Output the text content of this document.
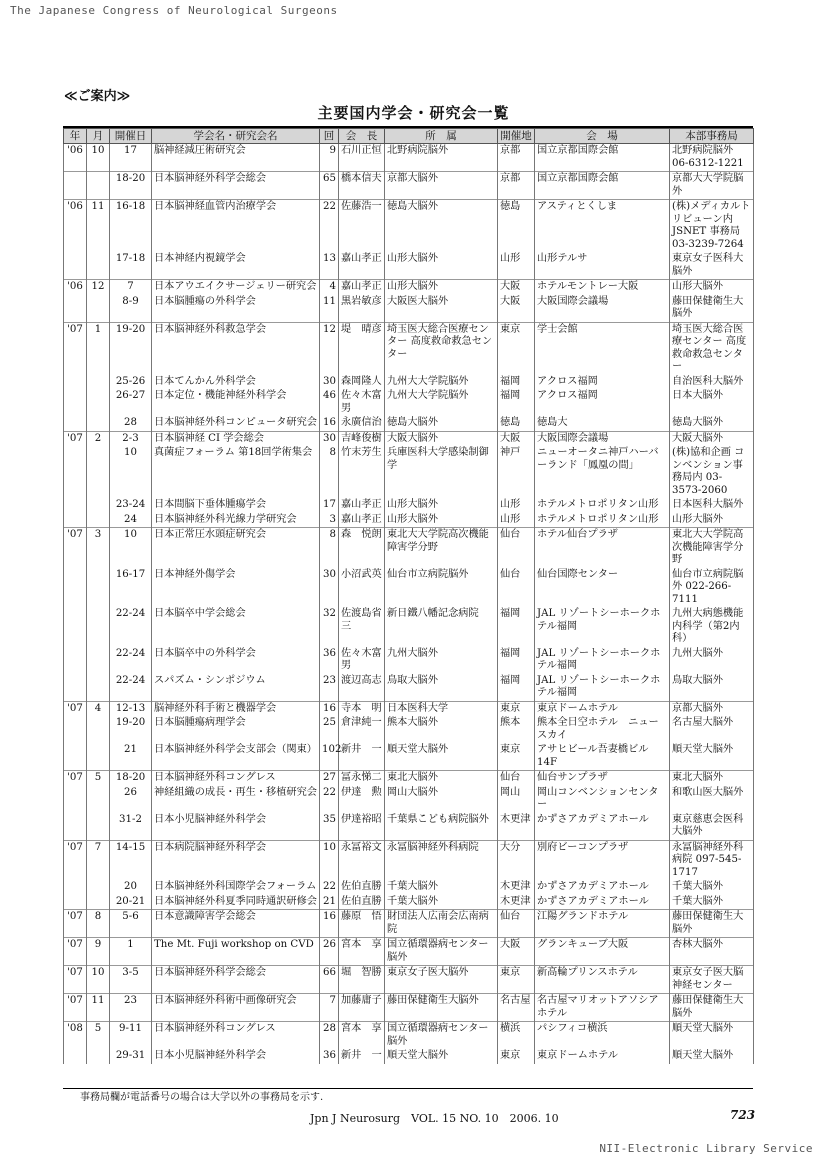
The Japanese Congress of Neurological Surgeons
≪ご案内≫
主要国内学会・研究会一覧
年	月	開催日	学会名・研究会名	回	会　長	所　属	開催地	会　場	本部事務局
'06	10	17	脳神経減圧術研究会	9	石川正恒	北野病院脳外	京都	国立京都国際会館	北野病院脳外 06-6312-1221
		18-20	日本脳神経外科学会総会	65	橋本信夫	京都大脳外	京都	国立京都国際会館	京都大大学院脳外
'06	11	16-18	日本脳神経血管内治療学会	22	佐藤浩一	徳島大脳外	徳島	アスティとくしま	(株)メディカルトリビューン内 JSNET 事務局 03-3239-7264
		17-18	日本神経内視鏡学会	13	嘉山孝正	山形大脳外	山形	山形テルサ	東京女子医科大脳外
'06	12	7	日本アウエイクサージェリー研究会	4	嘉山孝正	山形大脳外	大阪	ホテルモントレー大阪	山形大脳外
		8-9	日本脳腫瘍の外科学会	11	黒岩敏彦	大阪医大脳外	大阪	大阪国際会議場	藤田保健衛生大脳外
'07	1	19-20	日本脳神経外科救急学会	12	堤　晴彦	埼玉医大総合医療センター 高度救命救急センター	東京	学士会館	埼玉医大総合医療センター 高度救命救急センター
		25-26	日本てんかん外科学会	30	森岡隆人	九州大大学院脳外	福岡	アクロス福岡	自治医科大脳外
		26-27	日本定位・機能神経外科学会	46	佐々木富男	九州大大学院脳外	福岡	アクロス福岡	日本大脳外
		28	日本脳神経外科コンピュータ研究会	16	永廣信治	徳島大脳外	徳島	徳島大	徳島大脳外
'07	2	2-3	日本脳神経 CI 学会総会	30	吉峰俊樹	大阪大脳外	大阪	大阪国際会議場	大阪大脳外
		10	真菌症フォーラム 第18回学術集会	8	竹末芳生	兵庫医科大学感染制御学	神戸	ニューオータニ神戸ハーバーランド「鳳凰の間」	(株)協和企画 コンベンション事務局内 03-3573-2060
		23-24	日本間脳下垂体腫瘍学会	17	嘉山孝正	山形大脳外	山形	ホテルメトロポリタン山形	日本医科大脳外
		24	日本脳神経外科光線力学研究会	3	嘉山孝正	山形大脳外	山形	ホテルメトロポリタン山形	山形大脳外
'07	3	10	日本正常圧水頭症研究会	8	森　悦朗	東北大大学院高次機能障害学分野	仙台	ホテル仙台プラザ	東北大大学院高次機能障害学分野
		16-17	日本神経外傷学会	30	小沼武英	仙台市立病院脳外	仙台	仙台国際センター	仙台市立病院脳外 022-266-7111
		22-24	日本脳卒中学会総会	32	佐渡島省三	新日鐵八幡記念病院	福岡	JAL リゾートシーホークホテル福岡	九州大病態機能内科学（第2内科）
		22-24	日本脳卒中の外科学会	36	佐々木富男	九州大脳外	福岡	JAL リゾートシーホークホテル福岡	九州大脳外
		22-24	スパズム・シンポジウム	23	渡辺高志	鳥取大脳外	福岡	JAL リゾートシーホークホテル福岡	鳥取大脳外
'07	4	12-13	脳神経外科手術と機器学会	16	寺本　明	日本医科大学	東京	東京ドームホテル	京都大脳外
		19-20	日本脳腫瘍病理学会	25	倉津純一	熊本大脳外	熊本	熊本全日空ホテル　ニュースカイ	名古屋大脳外
		21	日本脳神経外科学会支部会（関東）	102	新井　一	順天堂大脳外	東京	アサヒビール吾妻橋ビル 14F	順天堂大脳外
'07	5	18-20	日本脳神経外科コングレス	27	冨永悌二	東北大脳外	仙台	仙台サンプラザ	東北大脳外
		26	神経組織の成長・再生・移植研究会	22	伊達　勲	岡山大脳外	岡山	岡山コンベンションセンター	和歌山医大脳外
		31-2	日本小児脳神経外科学会	35	伊達裕昭	千葉県こども病院脳外	木更津	かずさアカデミアホール	東京慈恵会医科大脳外
'07	7	14-15	日本病院脳神経外科学会	10	永冨裕文	永冨脳神経外科病院	大分	別府ビーコンプラザ	永冨脳神経外科病院 097-545-1717
		20	日本脳神経外科国際学会フォーラム	22	佐伯直勝	千葉大脳外	木更津	かずさアカデミアホール	千葉大脳外
		20-21	日本脳神経外科夏季同時通訳研修会	21	佐伯直勝	千葉大脳外	木更津	かずさアカデミアホール	千葉大脳外
'07	8	5-6	日本意識障害学会総会	16	藤原　悟	財団法人広南会広南病院	仙台	江陽グランドホテル	藤田保健衛生大脳外
'07	9	1	The Mt. Fuji workshop on CVD	26	宮本　享	国立循環器病センター脳外	大阪	グランキューブ大阪	杏林大脳外
'07	10	3-5	日本脳神経外科学会総会	66	堀　智勝	東京女子医大脳外	東京	新高輪プリンスホテル	東京女子医大脳神経センター
'07	11	23	日本脳神経外科術中画像研究会	7	加藤庸子	藤田保健衛生大脳外	名古屋	名古屋マリオットアソシアホテル	藤田保健衛生大脳外
'08	5	9-11	日本脳神経外科コングレス	28	宮本　享	国立循環器病センター脳外	横浜	パシフィコ横浜	順天堂大脳外
		29-31	日本小児脳神経外科学会	36	新井　一	順天堂大脳外	東京	東京ドームホテル	順天堂大脳外
事務局欄が電話番号の場合は大学以外の事務局を示す.
Jpn J Neurosurg　VOL. 15 NO. 10　2006. 10	723
NII-Electronic Library Service
